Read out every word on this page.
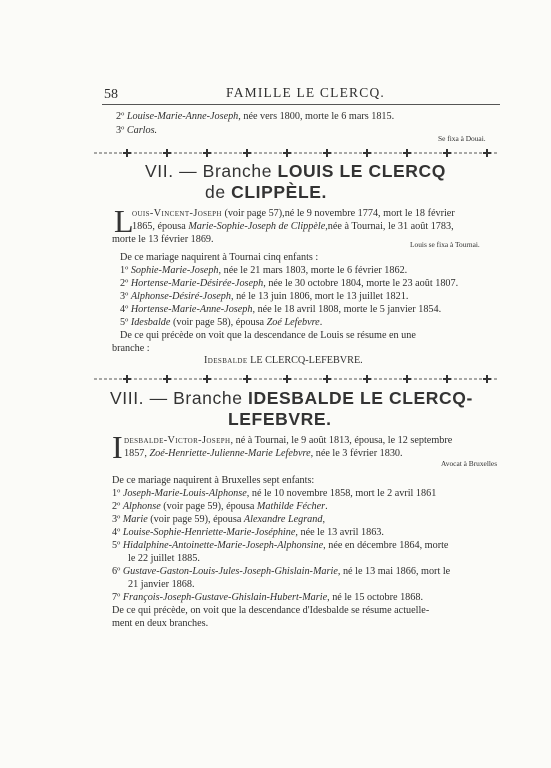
58	FAMILLE LE CLERCQ.
2º Louise-Marie-Anne-Joseph, née vers 1800, morte le 6 mars 1815.
3º Carlos.
Se fixa à Douai.
VII. — Branche LOUIS LE CLERCQ
de CLIPPÈLE.
L
ouis-Vincent-Joseph (voir page 57),né le 9 novembre 1774, mort le 18 février
1865, épousa Marie-Sophie-Joseph de Clippèle,née à Tournai, le 31 août 1783,
morte le 13 février 1869.	Louis se fixa à Tournai.
De ce mariage naquirent à Tournai cinq enfants :
1º Sophie-Marie-Joseph, née le 21 mars 1803, morte le 6 février 1862.
2º Hortense-Marie-Désirée-Joseph, née le 30 octobre 1804, morte le 23 août 1807.
3º Alphonse-Désiré-Joseph, né le 13 juin 1806, mort le 13 juillet 1821.
4º Hortense-Marie-Anne-Joseph, née le 18 avril 1808, morte le 5 janvier 1854.
5º Idesbalde (voir page 58), épousa Zoé Lefebvre.
De ce qui précède on voit que la descendance de Louis se résume en une
branche :
Idesbalde LE CLERCQ-LEFEBVRE.
VIII. — Branche IDESBALDE LE CLERCQ-
LEFEBVRE.
I desbalde-Victor-Joseph, né à Tournai, le 9 août 1813, épousa, le 12 septembre
1857, Zoé-Henriette-Julienne-Marie Lefebvre, née le 3 février 1830.
Avocat à Bruxelles
De ce mariage naquirent à Bruxelles sept enfants:
1º Joseph-Marie-Louis-Alphonse, né le 10 novembre 1858, mort le 2 avril 1861
2º Alphonse (voir page 59), épousa Mathilde Fécher.
3º Marie (voir page 59), épousa Alexandre Legrand,
4º Louise-Sophie-Henriette-Marie-Joséphine, née le 13 avril 1863.
5º Hidalphine-Antoinette-Marie-Joseph-Alphonsine, née en décembre 1864, morte
le 22 juillet 1885.
6º Gustave-Gaston-Louis-Jules-Joseph-Ghislain-Marie, né le 13 mai 1866, mort le
21 janvier 1868.
7º François-Joseph-Gustave-Ghislain-Hubert-Marie, né le 15 octobre 1868.
De ce qui précède, on voit que la descendance d'Idesbalde se résume actuelle-
ment en deux branches.
